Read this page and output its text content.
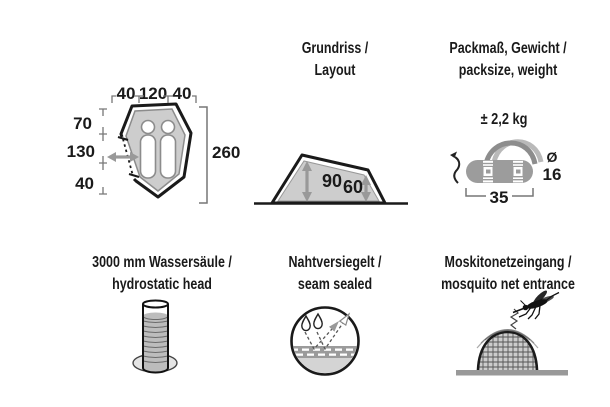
40 120 40
70
130
40
260
Grundriss /
Layout
90 60
Packmaß, Gewicht /
packsize, weight
± 2,2 kg
Ø
16
35
3000 mm Wassersäule /
hydrostatic head
Nahtversiegelt /
seam sealed
Moskitonetzeingang /
mosquito net entrance
